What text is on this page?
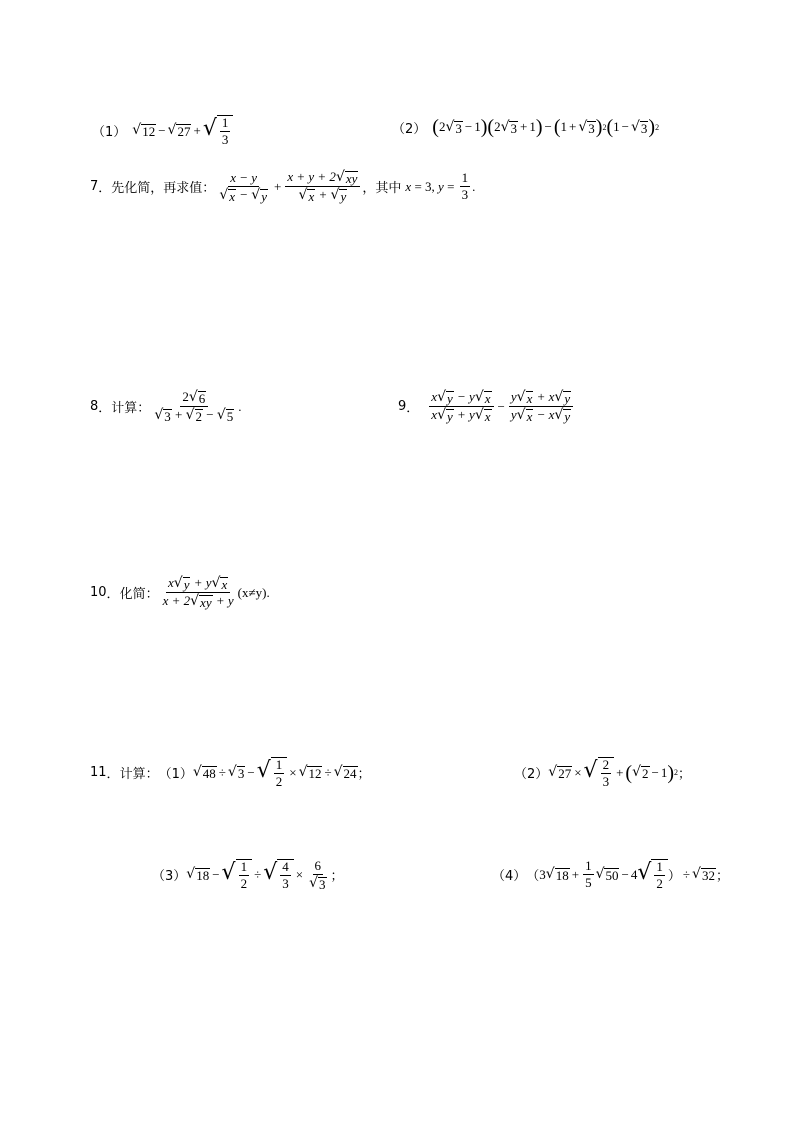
（1） √ 12 − √ 27 + √ $\frac{1}{3}$	（2） ( 2 √ 3 − 1 ) ( 2 √ 3 + 1 ) − ( 1 + √ 3 ) 2 ( 1 − √ 3 ) 2
7 ． 先化简，再求值： $\frac{x - y}{√ x - √ y} + \frac{x + y + 2 √ xy}{√ x + √ y}$ ，其中 x = 3, $y = \frac{1}{3}$ .
8 ． 计算： $\frac{2 √ 6}{√ 3 + √ 2 - √ 5}$ .	9 ． $\frac{x √ y - y √ x}{x √ y + y √ x} - \frac{y √ x + x √ y}{y √ x - x √ y}$
10 ． 化简： $\frac{x √ y + y √ x}{x + 2 √ xy + y} (x\ne y)$ .
11 ． 计算： （1） √ 48 ÷ √ 3 − √ $\frac{1}{2}$ × √ 12 ÷ √ 24 ；	（2） √ 27 × √ $\frac{2}{3}$ + ( √ 2 − 1 ) 2 ；
（3） √ 18 − √ $\frac{1}{2}$ ÷ √ $\frac{4}{3} \times \frac{6}{√ 3}$ ；	（4） （ 3 √ $18 + \frac{1}{5}$ √ 50 − 4 √ $\frac{1}{2}$ ） ÷ √ 32 ；
